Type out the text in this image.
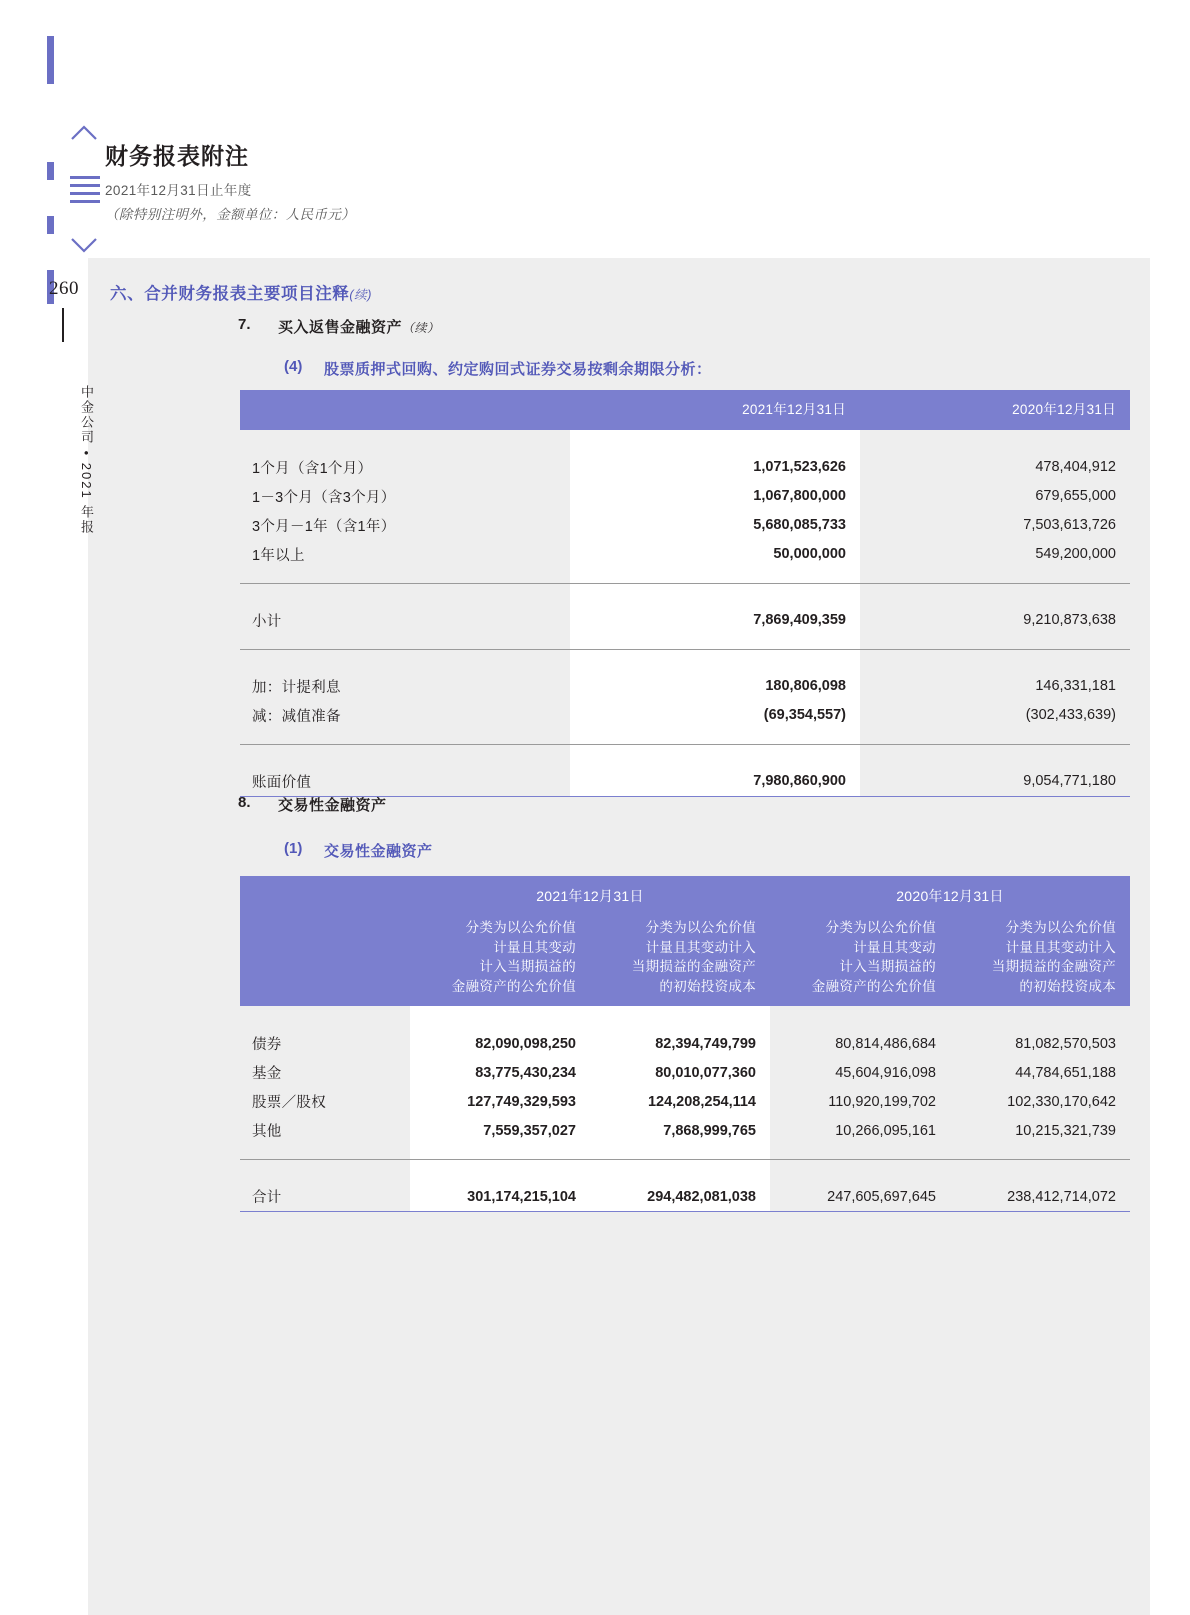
260
中金公司 • 2021 年报
财务报表附注
2021年12月31日止年度
（除特别注明外，金额单位：人民币元）
六、合并财务报表主要项目注释(续)
7.	买入返售金融资产（续）
(4)	股票质押式回购、约定购回式证券交易按剩余期限分析：
	2021年12月31日	2020年12月31日

1个月（含1个月）	1,071,523,626	478,404,912
1－3个月（含3个月）	1,067,800,000	679,655,000
3个月－1年（含1年）	5,680,085,733	7,503,613,726
1年以上	50,000,000	549,200,000

小计	7,869,409,359	9,210,873,638

加：计提利息	180,806,098	146,331,181
减：减值准备	(69,354,557)	(302,433,639)

账面价值	7,980,860,900	9,054,771,180
8.	交易性金融资产
(1)	交易性金融资产
	2021年12月31日		2020年12月31日	
	分类为以公允价值
计量且其变动
计入当期损益的
金融资产的公允价值	分类为以公允价值
计量且其变动计入
当期损益的金融资产
的初始投资成本	分类为以公允价值
计量且其变动
计入当期损益的
金融资产的公允价值	分类为以公允价值
计量且其变动计入
当期损益的金融资产
的初始投资成本

债券	82,090,098,250	82,394,749,799	80,814,486,684	81,082,570,503
基金	83,775,430,234	80,010,077,360	45,604,916,098	44,784,651,188
股票／股权	127,749,329,593	124,208,254,114	110,920,199,702	102,330,170,642
其他	7,559,357,027	7,868,999,765	10,266,095,161	10,215,321,739

合计	301,174,215,104	294,482,081,038	247,605,697,645	238,412,714,072
